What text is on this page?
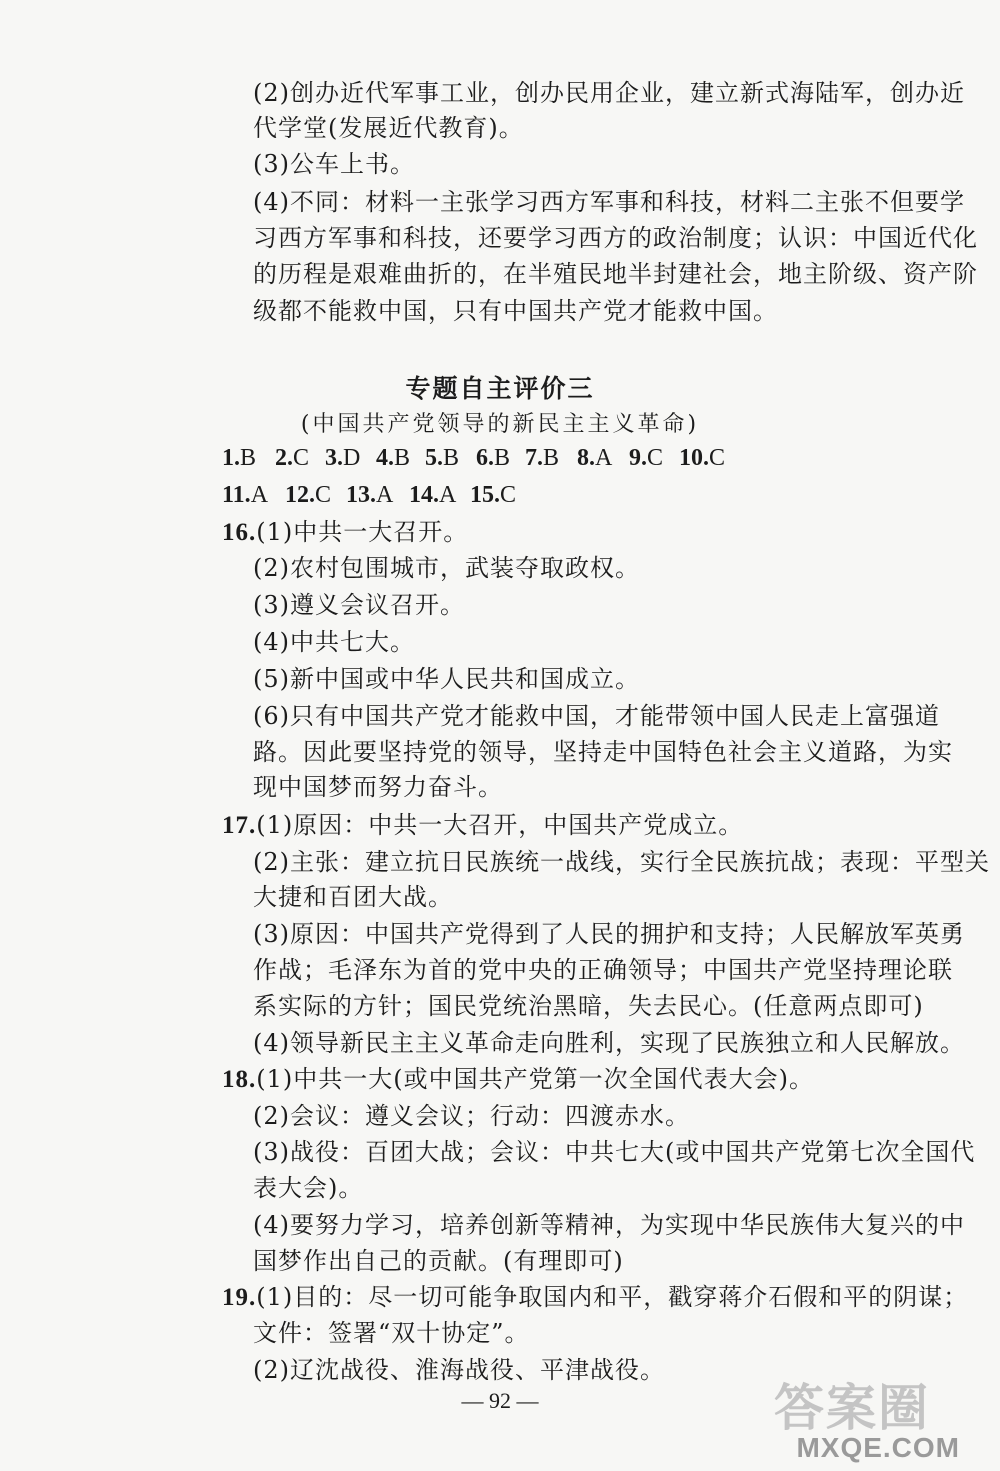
(2)创办近代军事工业，创办民用企业，建立新式海陆军，创办近
代学堂(发展近代教育)。
(3)公车上书。
(4)不同：材料一主张学习西方军事和科技，材料二主张不但要学
习西方军事和科技，还要学习西方的政治制度；认识：中国近代化
的历程是艰难曲折的，在半殖民地半封建社会，地主阶级、资产阶
级都不能救中国，只有中国共产党才能救中国。
专题自主评价三
(中国共产党领导的新民主主义革命)
1.B 2.C 3.D 4.B 5.B 6.B 7.B 8.A 9.C 10.C
11.A 12.C 13.A 14.A 15.C
16.(1)中共一大召开。
(2)农村包围城市，武装夺取政权。
(3)遵义会议召开。
(4)中共七大。
(5)新中国或中华人民共和国成立。
(6)只有中国共产党才能救中国，才能带领中国人民走上富强道
路。因此要坚持党的领导，坚持走中国特色社会主义道路，为实
现中国梦而努力奋斗。
17.(1)原因：中共一大召开，中国共产党成立。
(2)主张：建立抗日民族统一战线，实行全民族抗战；表现：平型关
大捷和百团大战。
(3)原因：中国共产党得到了人民的拥护和支持；人民解放军英勇
作战；毛泽东为首的党中央的正确领导；中国共产党坚持理论联
系实际的方针；国民党统治黑暗，失去民心。(任意两点即可)
(4)领导新民主主义革命走向胜利，实现了民族独立和人民解放。
18.(1)中共一大(或中国共产党第一次全国代表大会)。
(2)会议：遵义会议；行动：四渡赤水。
(3)战役：百团大战；会议：中共七大(或中国共产党第七次全国代
表大会)。
(4)要努力学习，培养创新等精神，为实现中华民族伟大复兴的中
国梦作出自己的贡献。(有理即可)
19.(1)目的：尽一切可能争取国内和平，戳穿蒋介石假和平的阴谋；
文件：签署“双十协定”。
(2)辽沈战役、淮海战役、平津战役。
— 92 —	答案圈
MXQE.COM
